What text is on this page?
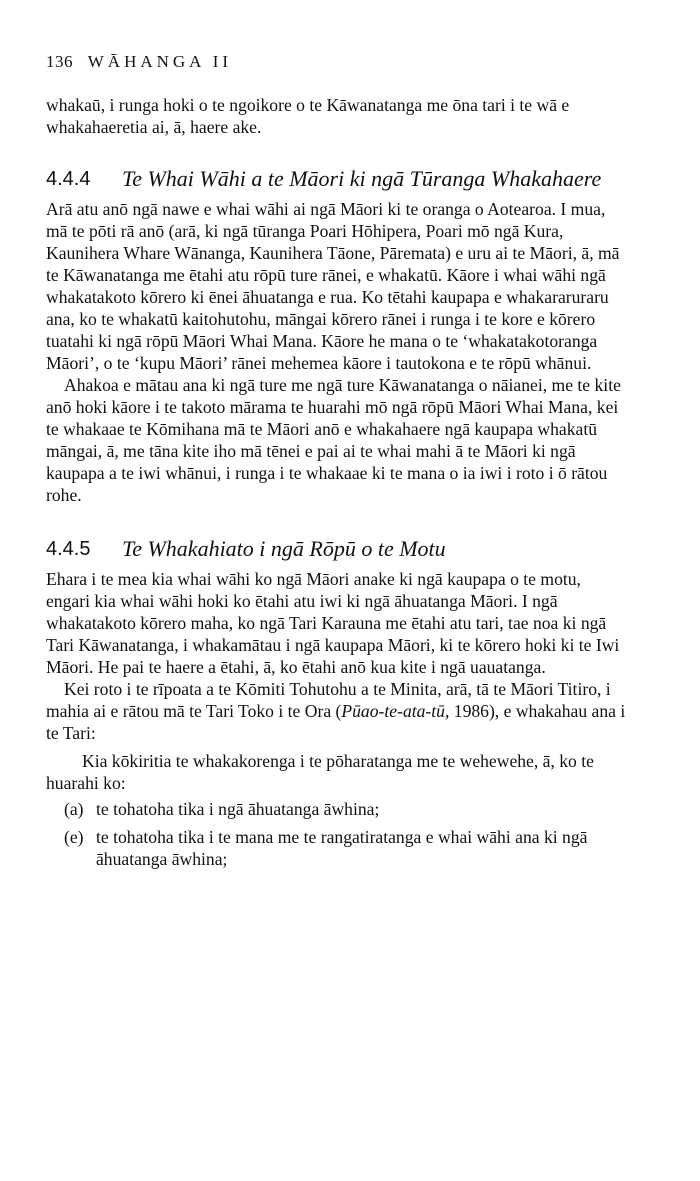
136 WĀHANGA II

whakaū, i runga hoki o te ngoikore o te Kāwanatanga me ōna tari i te wā e whakahaeretia ai, ā, haere ake.

4.4.4	Te Whai Wāhi a te Māori ki ngā Tūranga Whakahaere

Arā atu anō ngā nawe e whai wāhi ai ngā Māori ki te oranga o Aotearoa. I mua, mā te pōti rā anō (arā, ki ngā tūranga Poari Hōhipera, Poari mō ngā Kura, Kaunihera Whare Wānanga, Kaunihera Tāone, Pāremata) e uru ai te Māori, ā, mā te Kāwanatanga me ētahi atu rōpū ture rānei, e whakatū. Kāore i whai wāhi ngā whakatakoto kōrero ki ēnei āhuatanga e rua. Ko tētahi kaupapa e whakararuraru ana, ko te whakatū kaitohutohu, māngai kōrero rānei i runga i te kore e kōrero tuatahi ki ngā rōpū Māori Whai Mana. Kāore he mana o te ‘whakatakotoranga Māori’, o te ‘kupu Māori’ rānei mehemea kāore i tautokona e te rōpū whānui.

Ahakoa e mātau ana ki ngā ture me ngā ture Kāwanatanga o nāianei, me te kite anō hoki kāore i te takoto mārama te huarahi mō ngā rōpū Māori Whai Mana, kei te whakaae te Kōmihana mā te Māori anō e whakahaere ngā kaupapa whakatū māngai, ā, me tāna kite iho mā tēnei e pai ai te whai mahi ā te Māori ki ngā kaupapa a te iwi whānui, i runga i te whakaae ki te mana o ia iwi i roto i ō rātou rohe.

4.4.5	Te Whakahiato i ngā Rōpū o te Motu

Ehara i te mea kia whai wāhi ko ngā Māori anake ki ngā kaupapa o te motu, engari kia whai wāhi hoki ko ētahi atu iwi ki ngā āhuatanga Māori. I ngā whakatakoto kōrero maha, ko ngā Tari Karauna me ētahi atu tari, tae noa ki ngā Tari Kāwanatanga, i whakamātau i ngā kaupapa Māori, ki te kōrero hoki ki te Iwi Māori. He pai te haere a ētahi, ā, ko ētahi anō kua kite i ngā uauatanga.

Kei roto i te rīpoata a te Kōmiti Tohutohu a te Minita, arā, tā te Māori Titiro, i mahia ai e rātou mā te Tari Toko i te Ora (Pūao-te-ata-tū, 1986), e whakahau ana i te Tari:

Kia kōkiritia te whakakorenga i te pōharatanga me te wehewehe, ā, ko te huarahi ko:

(a) te tohatoha tika i ngā āhuatanga āwhina;
(e) te tohatoha tika i te mana me te rangatiratanga e whai wāhi ana ki ngā āhuatanga āwhina;
